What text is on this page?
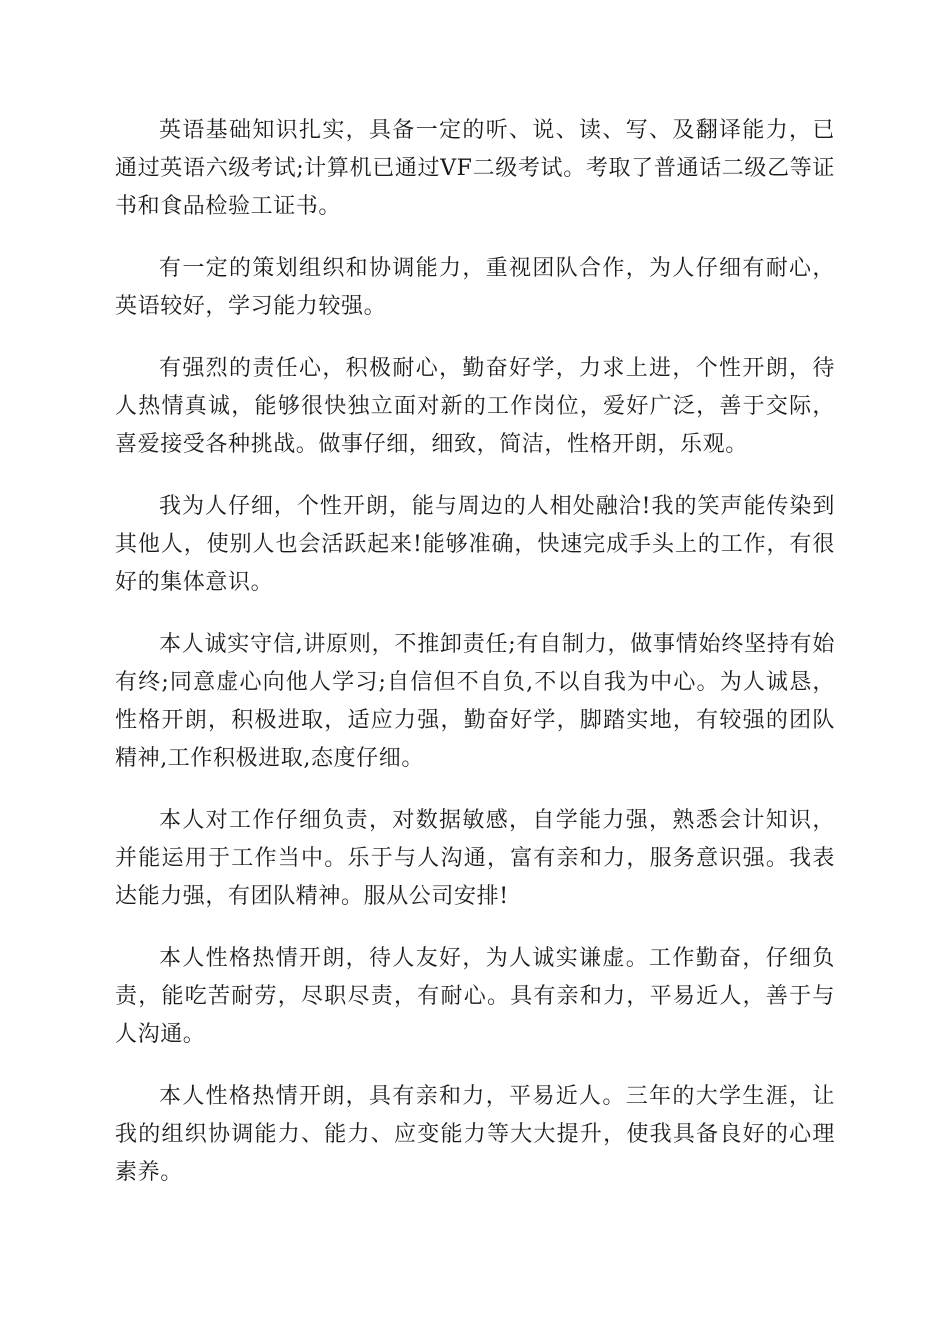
英语基础知识扎实，具备一定的听、说、读、写、及翻译能力，已通过英语六级考试;计算机已通过VF二级考试。考取了普通话二级乙等证书和食品检验工证书。

有一定的策划组织和协调能力，重视团队合作，为人仔细有耐心，英语较好，学习能力较强。

有强烈的责任心，积极耐心，勤奋好学，力求上进，个性开朗，待人热情真诚，能够很快独立面对新的工作岗位，爱好广泛，善于交际，喜爱接受各种挑战。做事仔细，细致，简洁，性格开朗，乐观。

我为人仔细，个性开朗，能与周边的人相处融洽!我的笑声能传染到其他人，使别人也会活跃起来!能够准确，快速完成手头上的工作，有很好的集体意识。

本人诚实守信,讲原则，不推卸责任;有自制力，做事情始终坚持有始有终;同意虚心向他人学习;自信但不自负,不以自我为中心。为人诚恳，性格开朗，积极进取，适应力强，勤奋好学，脚踏实地，有较强的团队精神,工作积极进取,态度仔细。

本人对工作仔细负责，对数据敏感，自学能力强，熟悉会计知识，并能运用于工作当中。乐于与人沟通，富有亲和力，服务意识强。我表达能力强，有团队精神。服从公司安排!

本人性格热情开朗，待人友好，为人诚实谦虚。工作勤奋，仔细负责，能吃苦耐劳，尽职尽责，有耐心。具有亲和力，平易近人，善于与人沟通。

本人性格热情开朗，具有亲和力，平易近人。三年的大学生涯，让我的组织协调能力、能力、应变能力等大大提升，使我具备良好的心理素养。
